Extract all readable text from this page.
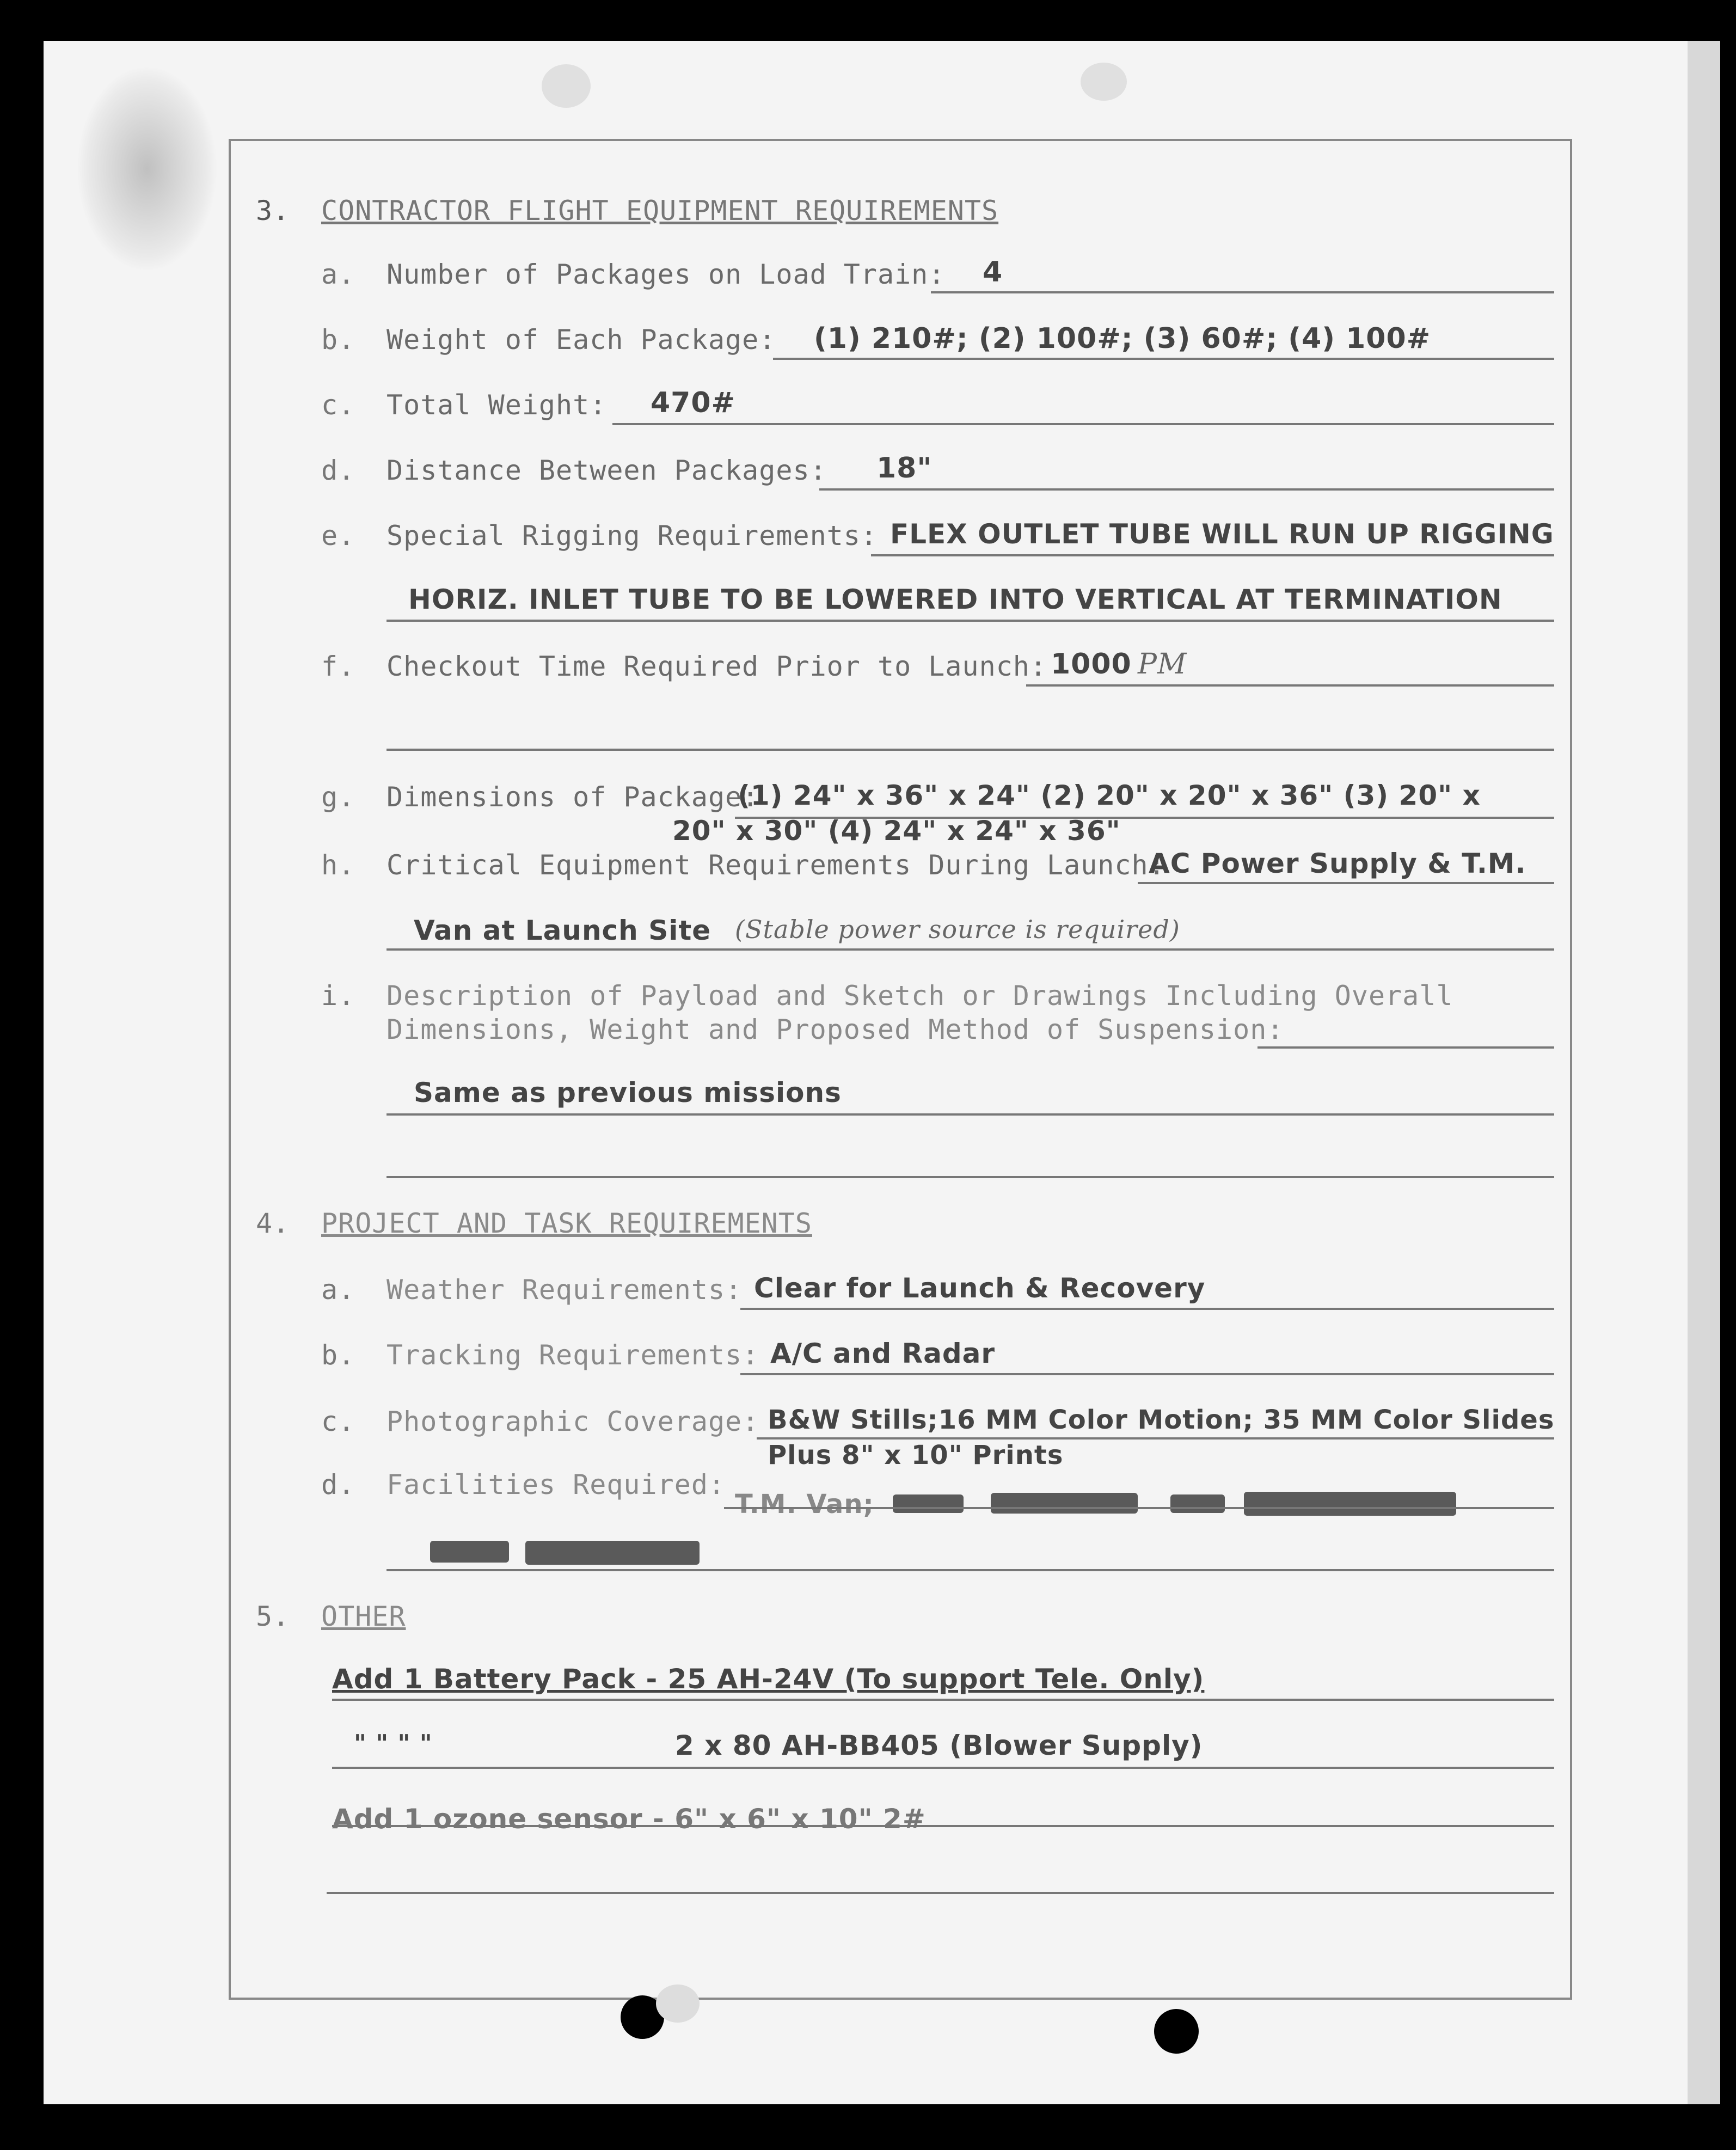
3. CONTRACTOR FLIGHT EQUIPMENT REQUIREMENTS
a. Number of Packages on Load Train: 4
b. Weight of Each Package: (1) 210#; (2) 100#; (3) 60#; (4) 100#
c. Total Weight: 470#
d. Distance Between Packages: 18"
e. Special Rigging Requirements: FLEX OUTLET TUBE WILL RUN UP RIGGING
HORIZ. INLET TUBE TO BE LOWERED INTO VERTICAL AT TERMINATION
f. Checkout Time Required Prior to Launch: 1000 PM
g. Dimensions of Package:
(1) 24" x 36" x 24" (2) 20" x 20" x 36" (3) 20" x
20" x 30" (4) 24" x 24" x 36"
h. Critical Equipment Requirements During Launch:
AC Power Supply & T.M.
Van at Launch Site (Stable power source is required)
i. Description of Payload and Sketch or Drawings Including Overall
Dimensions, Weight and Proposed Method of Suspension:
Same as previous missions
4. PROJECT AND TASK REQUIREMENTS
a. Weather Requirements: Clear for Launch & Recovery
b. Tracking Requirements: A/C and Radar
c. Photographic Coverage: B&W Stills;16 MM Color Motion; 35 MM Color Slides
Plus 8" x 10" Prints
d. Facilities Required:
T.M. Van;
5. OTHER
Add 1 Battery Pack - 25 AH-24V (To support Tele. Only)
" " " "	2 x 80 AH-BB405 (Blower Supply)
Add 1 ozone sensor - 6" x 6" x 10" 2#
